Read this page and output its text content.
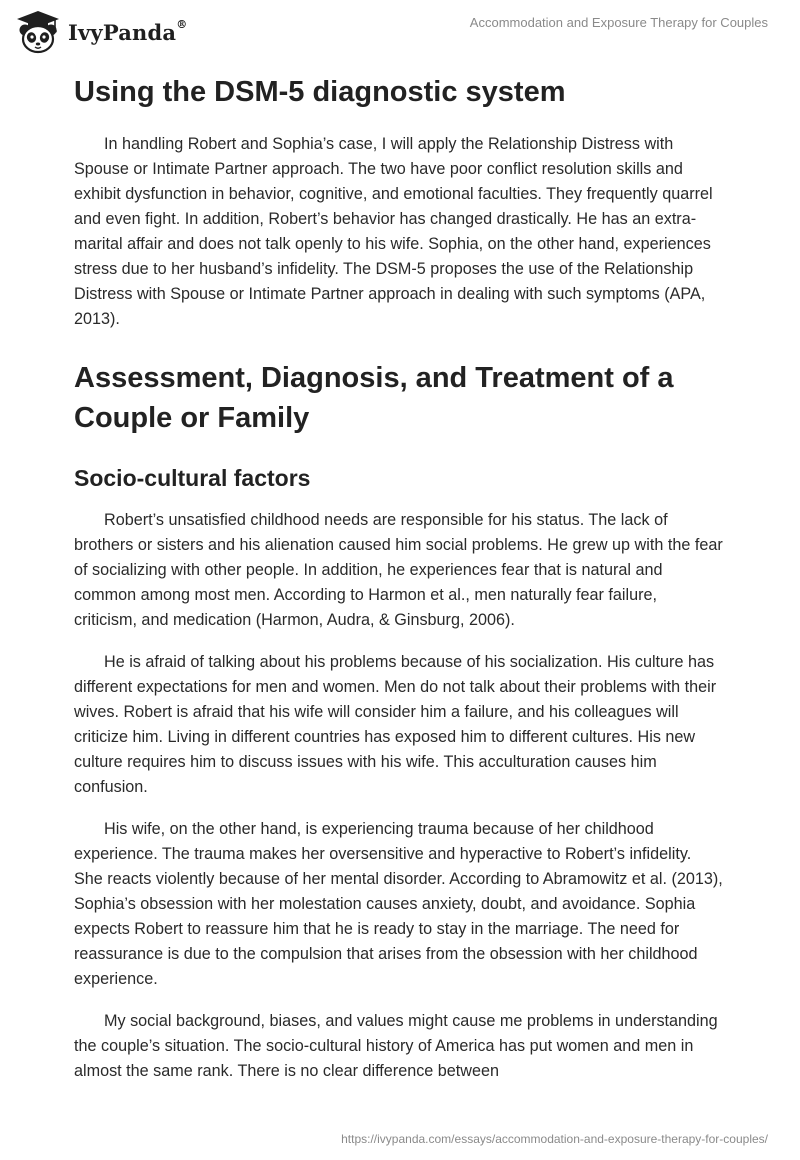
IvyPanda®	Accommodation and Exposure Therapy for Couples
Using the DSM-5 diagnostic system

In handling Robert and Sophia’s case, I will apply the Relationship Distress with Spouse or Intimate Partner approach. The two have poor conflict resolution skills and exhibit dysfunction in behavior, cognitive, and emotional faculties. They frequently quarrel and even fight. In addition, Robert’s behavior has changed drastically. He has an extra-marital affair and does not talk openly to his wife. Sophia, on the other hand, experiences stress due to her husband’s infidelity. The DSM-5 proposes the use of the Relationship Distress with Spouse or Intimate Partner approach in dealing with such symptoms (APA, 2013).

Assessment, Diagnosis, and Treatment of a Couple or Family
Socio-cultural factors

Robert’s unsatisfied childhood needs are responsible for his status. The lack of brothers or sisters and his alienation caused him social problems. He grew up with the fear of socializing with other people. In addition, he experiences fear that is natural and common among most men. According to Harmon et al., men naturally fear failure, criticism, and medication (Harmon, Audra, & Ginsburg, 2006).

He is afraid of talking about his problems because of his socialization. His culture has different expectations for men and women. Men do not talk about their problems with their wives. Robert is afraid that his wife will consider him a failure, and his colleagues will criticize him. Living in different countries has exposed him to different cultures. His new culture requires him to discuss issues with his wife. This acculturation causes him confusion.

His wife, on the other hand, is experiencing trauma because of her childhood experience. The trauma makes her oversensitive and hyperactive to Robert’s infidelity. She reacts violently because of her mental disorder. According to Abramowitz et al. (2013), Sophia’s obsession with her molestation causes anxiety, doubt, and avoidance. Sophia expects Robert to reassure him that he is ready to stay in the marriage. The need for reassurance is due to the compulsion that arises from the obsession with her childhood experience.

My social background, biases, and values might cause me problems in understanding the couple’s situation. The socio-cultural history of America has put women and men in almost the same rank. There is no clear difference between

https://ivypanda.com/essays/accommodation-and-exposure-therapy-for-couples/
